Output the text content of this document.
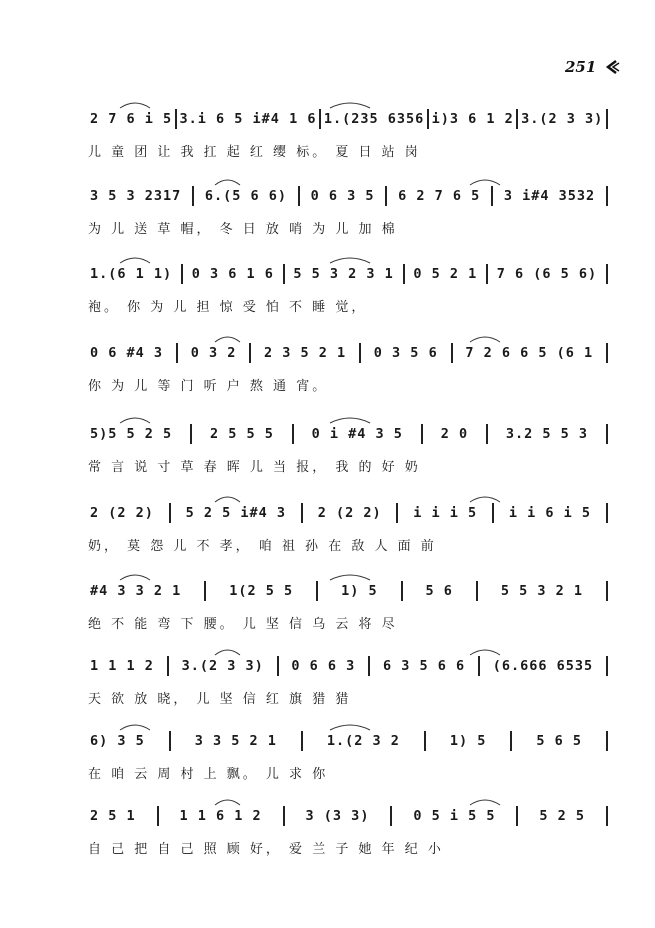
251
2 7 6 i 5 3.i 6 5 i#4 1 6 1.(235 6356 i)3 6 1 2 3.(2 3 3)
儿 童 团 让 我 扛 起 红 缨 标。 夏 日 站 岗
3 5 3 2317 6.(5 6 6) 0 6 3 5 6 2 7 6 5 3 i#4 3532
为 儿 送 草 帽， 冬 日 放 哨 为 儿 加 棉
1.(6 1 1) 0 3 6 1 6 5 5 3 2 3 1 0 5 2 1 7 6 (6 5 6)
袍。 你 为 儿 担 惊 受 怕 不 睡 觉，
0 6 #4 3 0 3 2 2 3 5 2 1 0 3 5 6 7 2 6 6 5 (6 1
你 为 儿 等 门 听 户 熬 通 宵。
5)5 5 2 5	2 5 5 5	0 i #4 3 5	2 0	3.2 5 5 3
常 言 说 寸 草 春 晖 儿 当 报， 我 的 好 奶
2 (2 2) 5 2 5 i#4 3 2 (2 2) i i i 5 i i 6 i 5
奶， 莫 怨 儿 不 孝， 咱 祖 孙 在 敌 人 面 前
#4 3 3 2 1	1(2 5 5	1) 5	5 6	5 5 3 2 1
绝 不 能 弯 下 腰。 儿 坚 信 乌 云 将 尽
1 1 1 2 3.(2 3 3) 0 6 6 3 6 3 5 6 6 (6.666 6535
天 欲 放 晓， 儿 坚 信 红 旗 猎 猎
6) 3 5	3 3 5 2 1	1.(2 3 2	1) 5	5 6 5
在 咱 云 周 村 上 飘。 儿 求 你
2 5 1	1 1 6 1 2	3 (3 3)	0 5 i 5 5	5 2 5
自 己 把 自 己 照 顾 好， 爱 兰 子 她 年 纪 小
